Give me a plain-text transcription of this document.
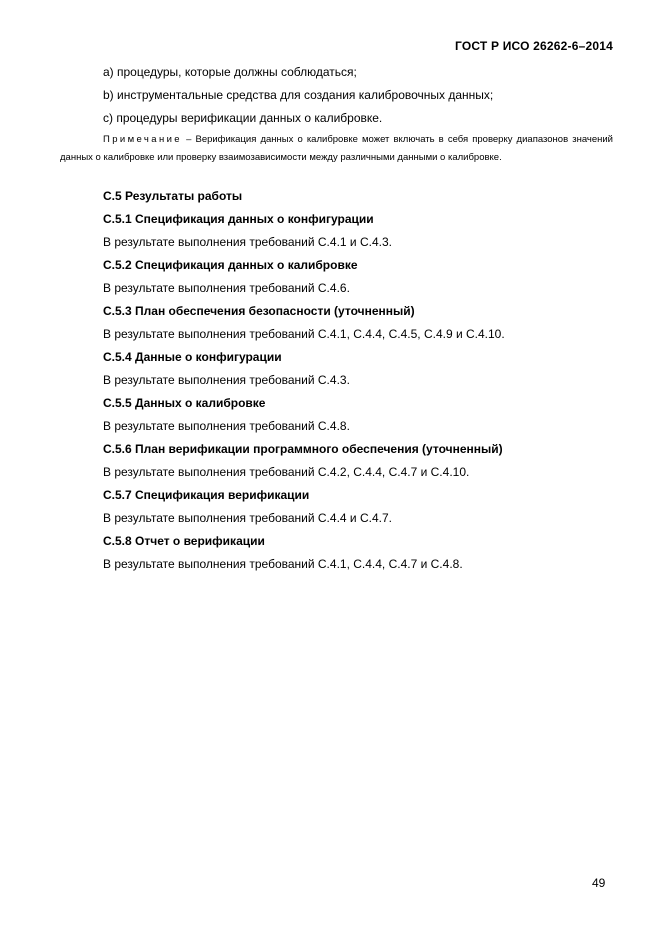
ГОСТ Р ИСО 26262-6–2014
а) процедуры, которые должны соблюдаться;
b) инструментальные средства для создания калибровочных данных;
с) процедуры верификации данных о калибровке.
Примечание – Верификация данных о калибровке может включать в себя проверку диапазонов значений данных о калибровке или проверку взаимозависимости между различными данными о калибровке.
С.5 Результаты работы
С.5.1 Спецификация данных о конфигурации
В результате выполнения требований С.4.1 и С.4.3.
С.5.2 Спецификация данных о калибровке
В результате выполнения требований С.4.6.
С.5.3 План обеспечения безопасности (уточненный)
В результате выполнения требований С.4.1, С.4.4, С.4.5, С.4.9 и С.4.10.
С.5.4 Данные о конфигурации
В результате выполнения требований С.4.3.
С.5.5 Данных о калибровке
В результате выполнения требований С.4.8.
С.5.6 План верификации программного обеспечения (уточненный)
В результате выполнения требований С.4.2, С.4.4, С.4.7 и С.4.10.
С.5.7 Спецификация верификации
В результате выполнения требований С.4.4 и С.4.7.
С.5.8 Отчет о верификации
В результате выполнения требований С.4.1, С.4.4, С.4.7 и С.4.8.
49
